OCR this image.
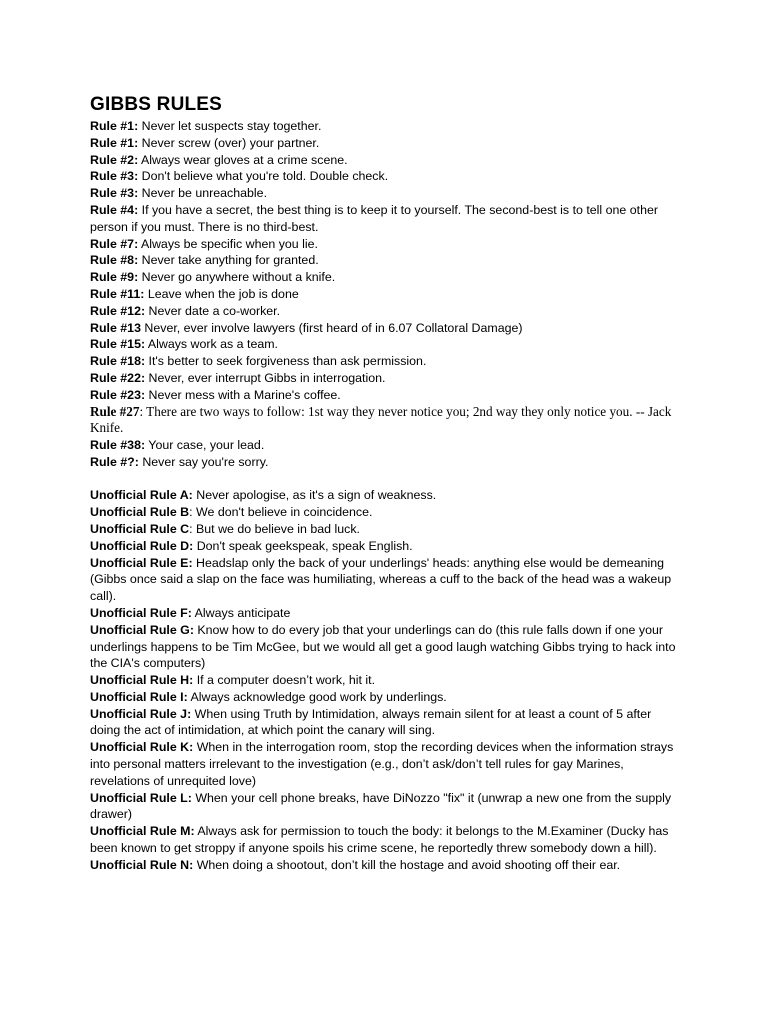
GIBBS RULES

Rule #1: Never let suspects stay together.

Rule #1: Never screw (over) your partner.

Rule #2: Always wear gloves at a crime scene.

Rule #3: Don't believe what you're told. Double check.

Rule #3: Never be unreachable.

Rule #4: If you have a secret, the best thing is to keep it to yourself. The second-best is to tell one other person if you must. There is no third-best.

Rule #7: Always be specific when you lie.

Rule #8: Never take anything for granted.

Rule #9: Never go anywhere without a knife.

Rule #11: Leave when the job is done

Rule #12: Never date a co-worker.

Rule #13 Never, ever involve lawyers (first heard of in 6.07 Collatoral Damage)

Rule #15: Always work as a team.

Rule #18: It's better to seek forgiveness than ask permission.

Rule #22: Never, ever interrupt Gibbs in interrogation.

Rule #23: Never mess with a Marine's coffee.

Rule #27: There are two ways to follow: 1st way they never notice you; 2nd way they only notice you. -- Jack Knife.

Rule #38: Your case, your lead.

Rule #?: Never say you're sorry.

Unofficial Rule A: Never apologise, as it's a sign of weakness.

Unofficial Rule B: We don't believe in coincidence.

Unofficial Rule C: But we do believe in bad luck.

Unofficial Rule D: Don't speak geekspeak, speak English.

Unofficial Rule E: Headslap only the back of your underlings' heads: anything else would be demeaning (Gibbs once said a slap on the face was humiliating, whereas a cuff to the back of the head was a wakeup call).

Unofficial Rule F: Always anticipate

Unofficial Rule G: Know how to do every job that your underlings can do (this rule falls down if one your underlings happens to be Tim McGee, but we would all get a good laugh watching Gibbs trying to hack into the CIA's computers)

Unofficial Rule H: If a computer doesn’t work, hit it.

Unofficial Rule I: Always acknowledge good work by underlings.

Unofficial Rule J: When using Truth by Intimidation, always remain silent for at least a count of 5 after doing the act of intimidation, at which point the canary will sing.

Unofficial Rule K: When in the interrogation room, stop the recording devices when the information strays into personal matters irrelevant to the investigation (e.g., don’t ask/don’t tell rules for gay Marines, revelations of unrequited love)

Unofficial Rule L: When your cell phone breaks, have DiNozzo "fix" it (unwrap a new one from the supply drawer)

Unofficial Rule M: Always ask for permission to touch the body: it belongs to the M.Examiner (Ducky has been known to get stroppy if anyone spoils his crime scene, he reportedly threw somebody down a hill).

Unofficial Rule N: When doing a shootout, don’t kill the hostage and avoid shooting off their ear.
